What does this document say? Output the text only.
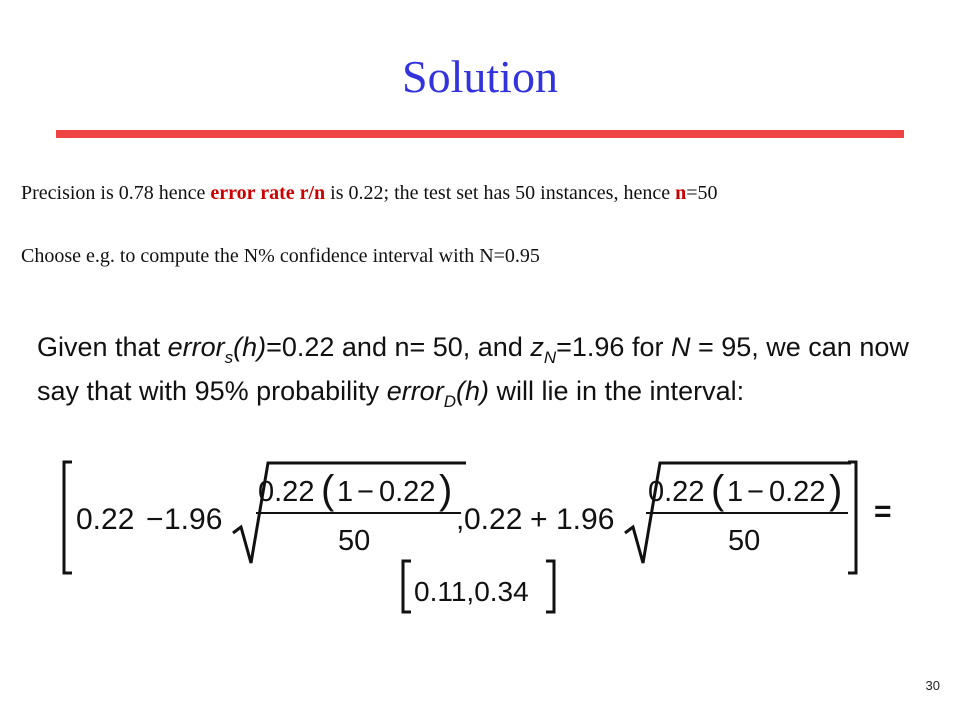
Solution
Precision is 0.78 hence error rate r/n is 0.22; the test set has 50 instances, hence n=50
Choose e.g. to compute the N% confidence interval with N=0.95
Given that error$_s$(h)=0.22 and n= 50, and $z_N=1.96$ for N = 95, we can now say that with 95% probability error$_D$(h) will lie in the interval:
0.22 − 1.96
0.22 ( 1 − 0.22 )
50
, 0.22 + 1.96
0.22 ( 1 − 0.22 )
50
=
0.11,0.34
30
